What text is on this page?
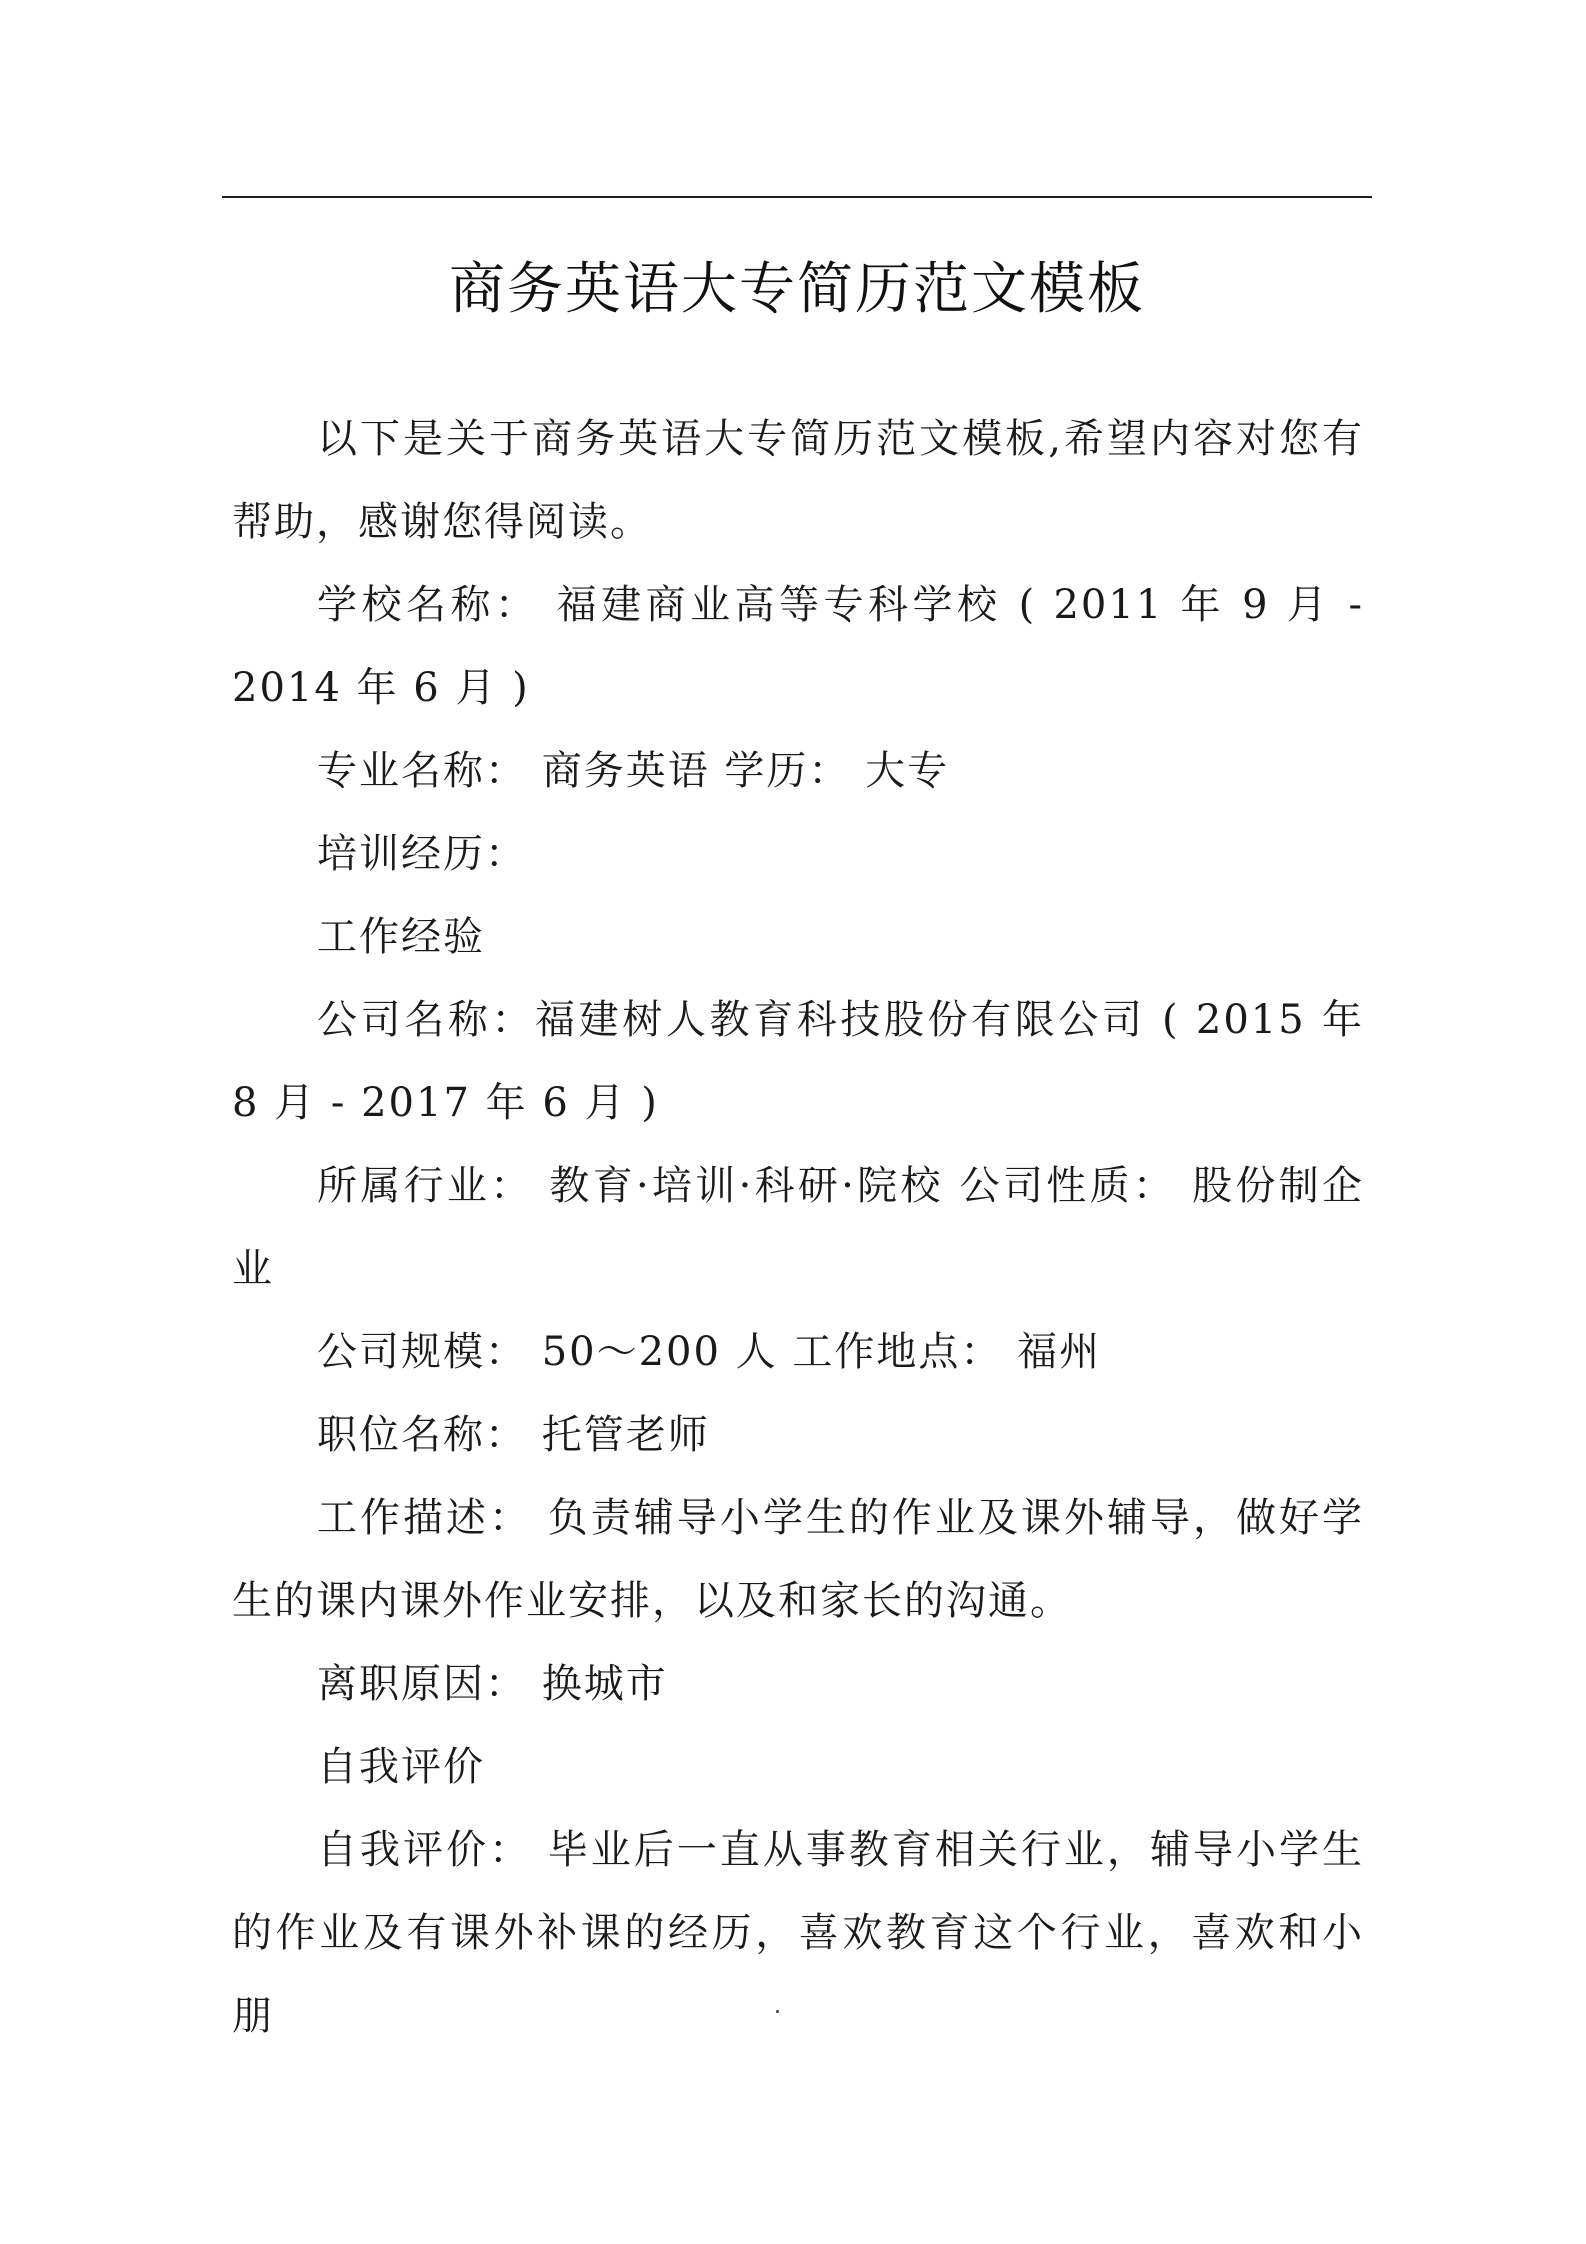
商务英语大专简历范文模板

以下是关于商务英语大专简历范文模板,希望内容对您有帮助，感谢您得阅读。

学校名称： 福建商业高等专科学校 ( 2011 年 9 月 - 2014 年 6 月 )

专业名称： 商务英语 学历： 大专

培训经历：

工作经验

公司名称：福建树人教育科技股份有限公司 ( 2015 年 8 月 - 2017 年 6 月 )

所属行业： 教育·培训·科研·院校 公司性质： 股份制企业

公司规模： 50～200 人 工作地点： 福州

职位名称： 托管老师

工作描述： 负责辅导小学生的作业及课外辅导，做好学生的课内课外作业安排，以及和家长的沟通。

离职原因： 换城市

自我评价

自我评价： 毕业后一直从事教育相关行业，辅导小学生的作业及有课外补课的经历，喜欢教育这个行业，喜欢和小朋
